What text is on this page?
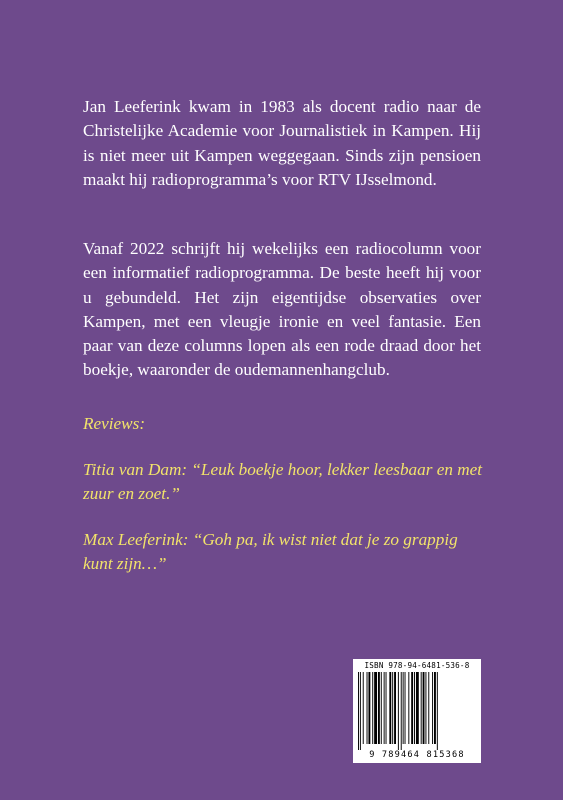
Jan Leeferink kwam in 1983 als docent radio naar de Christelijke Academie voor Journalistiek in Kampen. Hij is niet meer uit Kampen weggegaan. Sinds zijn pensioen maakt hij radioprogramma’s voor RTV IJsselmond.

Vanaf 2022 schrijft hij wekelijks een radiocolumn voor een informatief radioprogramma. De beste heeft hij voor u gebundeld. Het zijn eigentijdse observaties over Kampen, met een vleugje ironie en veel fantasie. Een paar van deze columns lopen als een rode draad door het boekje, waaronder de oudemannenhangclub.

Reviews:

Titia van Dam: “Leuk boekje hoor, lekker leesbaar en met zuur en zoet.”

Max Leeferink: “Goh pa, ik wist niet dat je zo grappig kunt zijn…”

ISBN 978-94-6481-536-8
9 789464 815368
